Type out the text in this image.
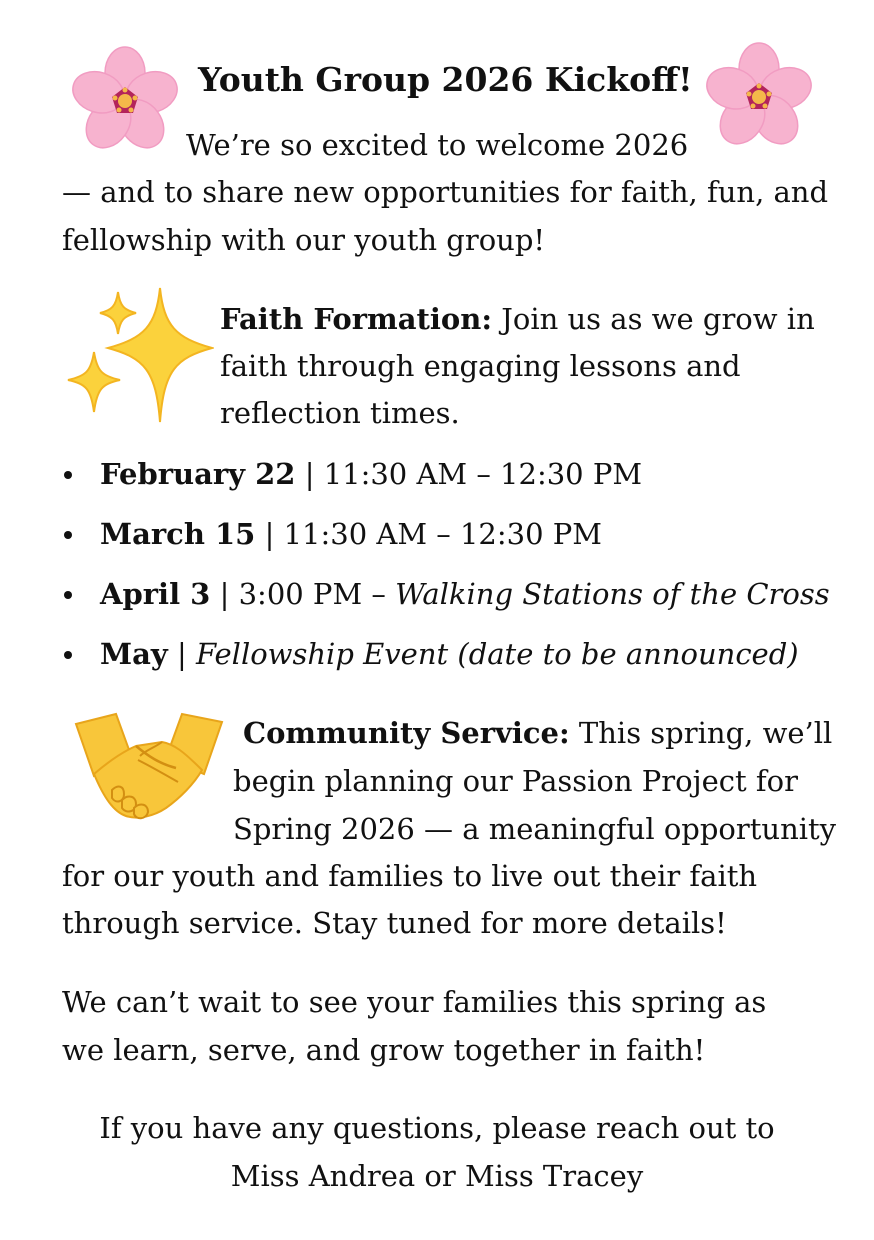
Youth Group 2026 Kickoff!

We’re so excited to welcome 2026

— and to share new opportunities for faith, fun, and

fellowship with our youth group!

Faith Formation: Join us as we grow in

faith through engaging lessons and

reflection times.

February 22 | 11:30 AM – 12:30 PM

March 15 | 11:30 AM – 12:30 PM

April 3 | 3:00 PM – Walking Stations of the Cross

May | Fellowship Event (date to be announced)

Community Service: This spring, we’ll

begin planning our Passion Project for

Spring 2026 — a meaningful opportunity

for our youth and families to live out their faith

through service. Stay tuned for more details!

We can’t wait to see your families this spring as

we learn, serve, and grow together in faith!

If you have any questions, please reach out to

Miss Andrea or Miss Tracey
